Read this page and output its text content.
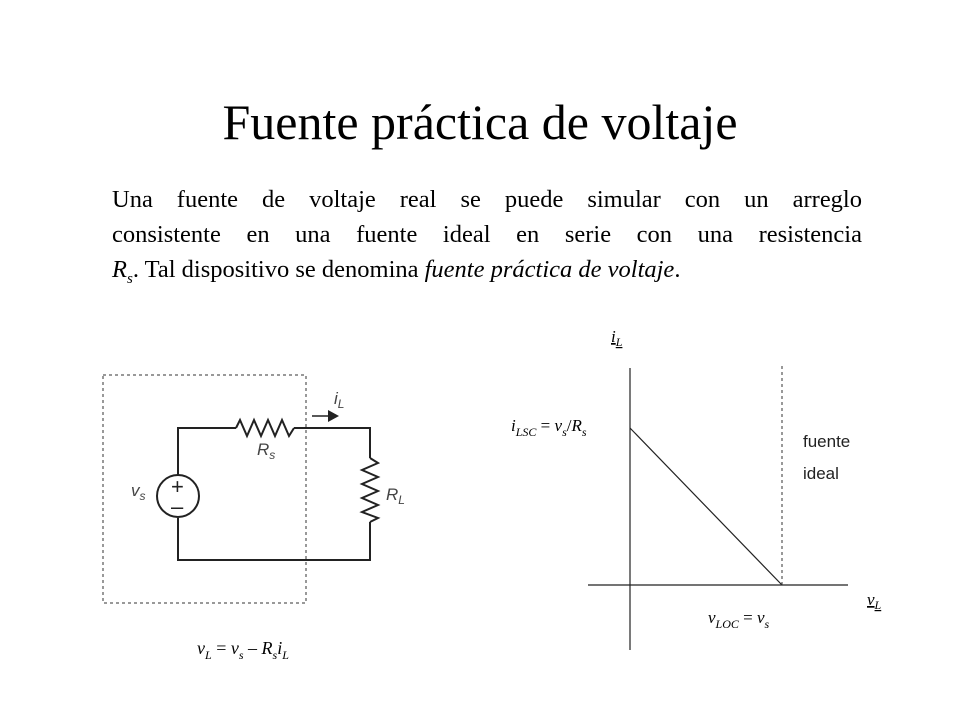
Fuente práctica de voltaje
Una fuente de voltaje real se puede simular con un arreglo
consistente en una fuente ideal en serie con una resistencia
$R_s$. Tal dispositivo se denomina fuente práctica de voltaje.
+
–
$v_s$
$R_s$
$R_L$
$i_L$
$v_L = v_s - R_si_L$
$i_L$
$v_L$
$i_{LSC} = v_s/R_s$
$v_{LOC} = v_s$
fuente
ideal
